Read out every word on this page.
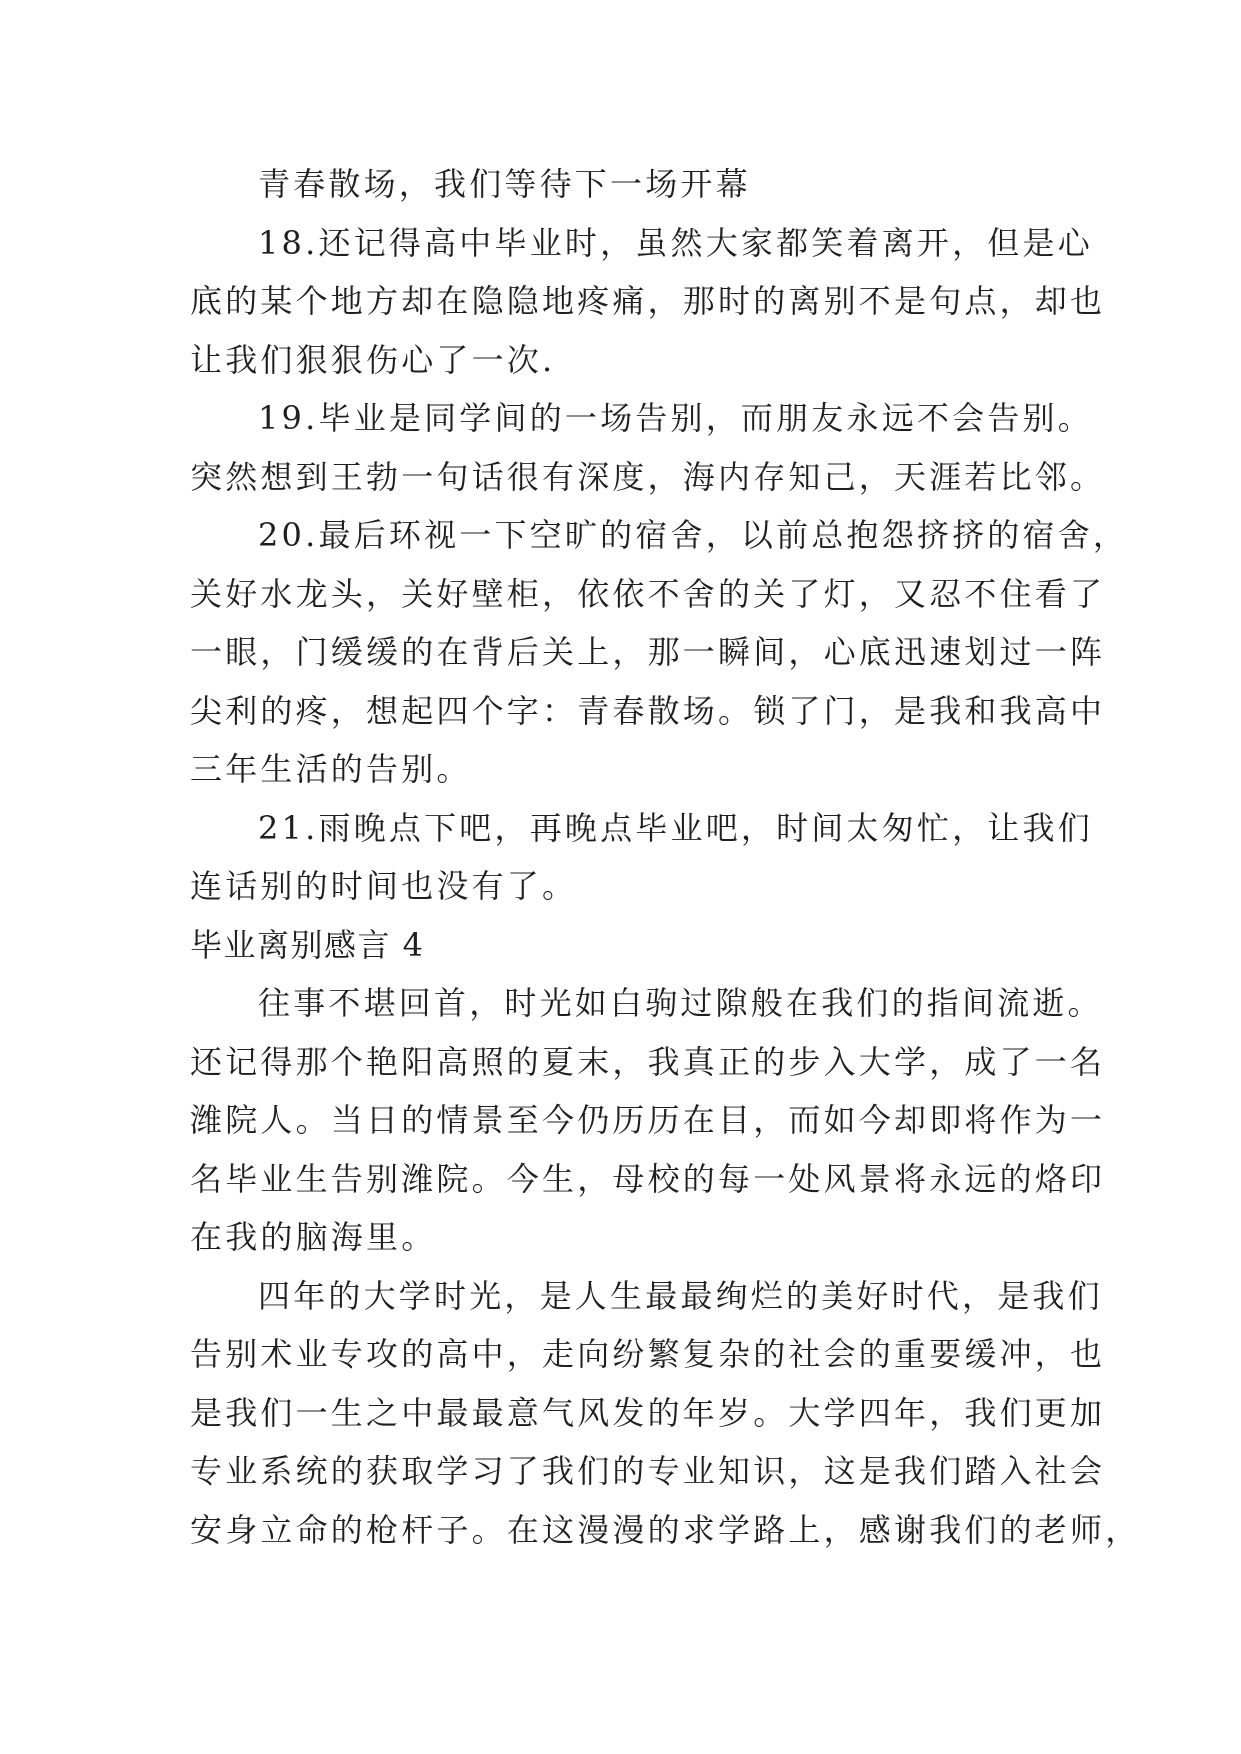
青春散场，我们等待下一场开幕
18.还记得高中毕业时，虽然大家都笑着离开，但是心
底的某个地方却在隐隐地疼痛，那时的离别不是句点，却也
让我们狠狠伤心了一次.
19.毕业是同学间的一场告别，而朋友永远不会告别。
突然想到王勃一句话很有深度，海内存知己，天涯若比邻。
20.最后环视一下空旷的宿舍，以前总抱怨挤挤的宿舍，
关好水龙头，关好壁柜，依依不舍的关了灯，又忍不住看了
一眼，门缓缓的在背后关上，那一瞬间，心底迅速划过一阵
尖利的疼，想起四个字：青春散场。锁了门，是我和我高中
三年生活的告别。
21.雨晚点下吧，再晚点毕业吧，时间太匆忙，让我们
连话别的时间也没有了。
毕业离别感言 4
往事不堪回首，时光如白驹过隙般在我们的指间流逝。
还记得那个艳阳高照的夏末，我真正的步入大学，成了一名
潍院人。当日的情景至今仍历历在目，而如今却即将作为一
名毕业生告别潍院。今生，母校的每一处风景将永远的烙印
在我的脑海里。
四年的大学时光，是人生最最绚烂的美好时代，是我们
告别术业专攻的高中，走向纷繁复杂的社会的重要缓冲，也
是我们一生之中最最意气风发的年岁。大学四年，我们更加
专业系统的获取学习了我们的专业知识，这是我们踏入社会
安身立命的枪杆子。在这漫漫的求学路上，感谢我们的老师，
